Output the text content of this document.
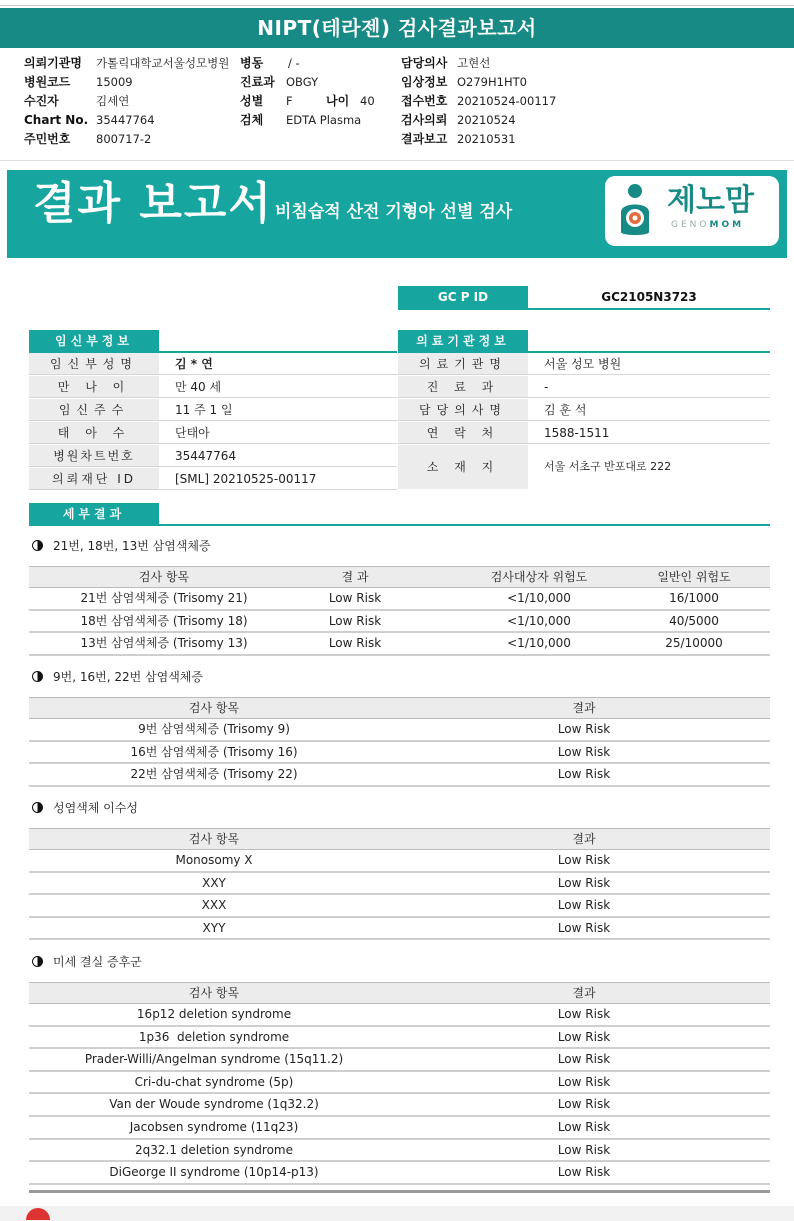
NIPT(테라젠) 검사결과보고서
의뢰기관명 가톨릭대학교서울성모병원
병원코드 15009
수진자	김세연
Chart No. 35447764
주민번호 800717-2
병동 / -
진료과 OBGY
성별 F	나이 40

검체 EDTA Plasma
담당의사 고현선
임상정보 O279H1HT0
접수번호 20210524-00117
검사의뢰 20210524
결과보고 20210531
결과 보고서 비침습적 산전 기형아 선별 검사	제노맘
GENOMOM
GC P ID	GC2105N3723
임신부정보
임신부성명	김 * 연
만 나 이	만 40 세
임신주수	11 주 1 일
태 아 수	단태아
병원차트번호	35447764
의뢰재단 ID	[SML] 20210525-00117
의료기관정보
의료기관명	서울 성모 병원
진 료 과	-
담당의사명	김 훈 석
연 락 처	1588-1511
소 재 지	서울 서초구 반포대로 222
세부결과
21번, 18번, 13번 삼염색체증
검사 항목	결 과	검사대상자 위험도	일반인 위험도
21번 삼염색체증 (Trisomy 21)	Low Risk	<1/10,000	16/1000
18번 삼염색체증 (Trisomy 18)	Low Risk	<1/10,000	40/5000
13번 삼염색체증 (Trisomy 13)	Low Risk	<1/10,000	25/10000
9번, 16번, 22번 삼염색체증
검사 항목	결과
9번 삼염색체증 (Trisomy 9)	Low Risk
16번 삼염색체증 (Trisomy 16)	Low Risk
22번 삼염색체증 (Trisomy 22)	Low Risk
성염색체 이수성
검사 항목	결과
Monosomy X	Low Risk
XXY	Low Risk
XXX	Low Risk
XYY	Low Risk
미세 결실 증후군
검사 항목	결과
16p12 deletion syndrome	Low Risk
1p36  deletion syndrome	Low Risk
Prader-Willi/Angelman syndrome (15q11.2)	Low Risk
Cri-du-chat syndrome (5p)	Low Risk
Van der Woude syndrome (1q32.2)	Low Risk
Jacobsen syndrome (11q23)	Low Risk
2q32.1 deletion syndrome	Low Risk
DiGeorge II syndrome (10p14-p13)	Low Risk
